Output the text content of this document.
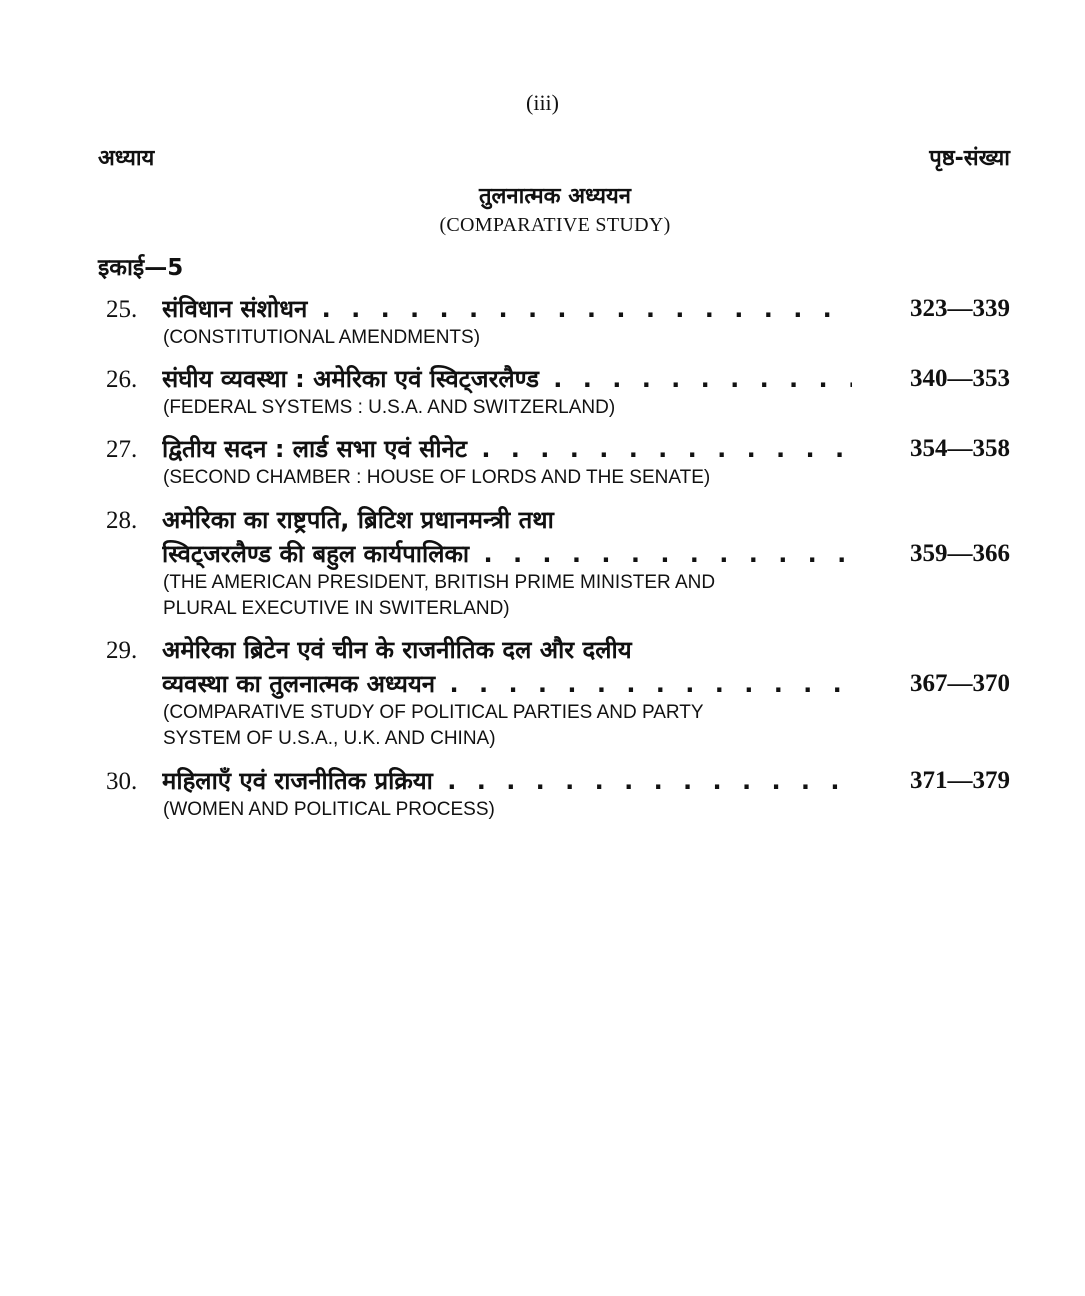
(iii)
अध्याय	पृष्ठ-संख्या
तुलनात्मक अध्ययन
(COMPARATIVE STUDY)
इकाई—5
25. संविधान संशोधन . . .	323—339
(CONSTITUTIONAL AMENDMENTS)
26. संघीय व्यवस्था : अमेरिका एवं स्विट्जरलैण्ड . . .	340—353
(FEDERAL SYSTEMS : U.S.A. AND SWITZERLAND)
27. द्वितीय सदन : लार्ड सभा एवं सीनेट . . .	354—358
(SECOND CHAMBER : HOUSE OF LORDS AND THE SENATE)
28. अमेरिका का राष्ट्रपति, ब्रिटिश प्रधानमन्त्री तथा
स्विट्जरलैण्ड की बहुल कार्यपालिका . . .	359—366
(THE AMERICAN PRESIDENT, BRITISH PRIME MINISTER AND
PLURAL EXECUTIVE IN SWITERLAND)
29. अमेरिका ब्रिटेन एवं चीन के राजनीतिक दल और दलीय
व्यवस्था का तुलनात्मक अध्ययन . . .	367—370
(COMPARATIVE STUDY OF POLITICAL PARTIES AND PARTY
SYSTEM OF U.S.A., U.K. AND CHINA)
30. महिलाएँ एवं राजनीतिक प्रक्रिया . . .	371—379
(WOMEN AND POLITICAL PROCESS)
